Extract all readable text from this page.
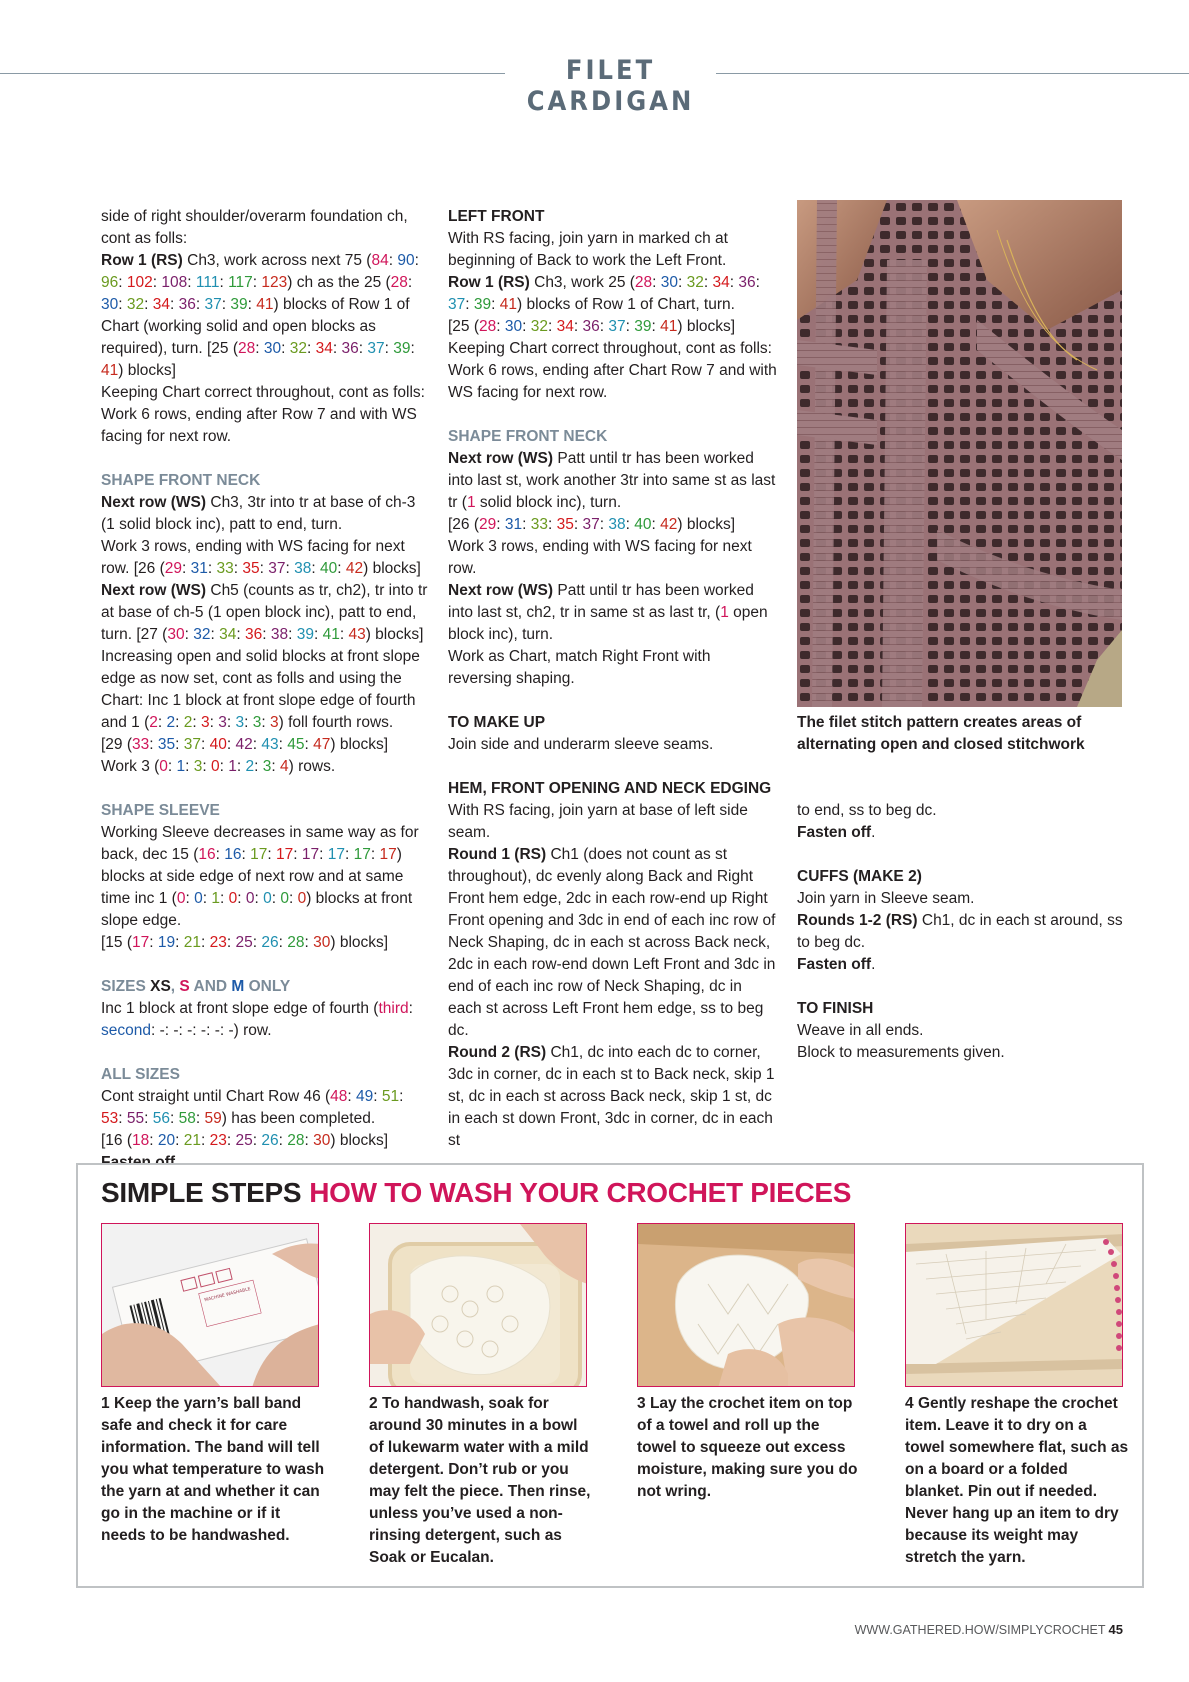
FILET CARDIGAN

side of right shoulder/overarm foundation ch, cont as folls:

Row 1 (RS) Ch3, work across next 75 (84: 90: 96: 102: 108: 111: 117: 123) ch as the 25 (28: 30: 32: 34: 36: 37: 39: 41) blocks of Row 1 of Chart (working solid and open blocks as required), turn. [25 (28: 30: 32: 34: 36: 37: 39: 41) blocks]

Keeping Chart correct throughout, cont as folls: Work 6 rows, ending after Row 7 and with WS facing for next row.

SHAPE FRONT NECK

Next row (WS) Ch3, 3tr into tr at base of ch-3 (1 solid block inc), patt to end, turn.

Work 3 rows, ending with WS facing for next row. [26 (29: 31: 33: 35: 37: 38: 40: 42) blocks]

Next row (WS) Ch5 (counts as tr, ch2), tr into tr at base of ch-5 (1 open block inc), patt to end, turn. [27 (30: 32: 34: 36: 38: 39: 41: 43) blocks]

Increasing open and solid blocks at front slope edge as now set, cont as folls and using the Chart: Inc 1 block at front slope edge of fourth and 1 (2: 2: 2: 3: 3: 3: 3: 3) foll fourth rows.

[29 (33: 35: 37: 40: 42: 43: 45: 47) blocks]

Work 3 (0: 1: 3: 0: 1: 2: 3: 4) rows.

SHAPE SLEEVE

Working Sleeve decreases in same way as for back, dec 15 (16: 16: 17: 17: 17: 17: 17: 17) blocks at side edge of next row and at same time inc 1 (0: 0: 1: 0: 0: 0: 0: 0) blocks at front slope edge.

[15 (17: 19: 21: 23: 25: 26: 28: 30) blocks]

SIZES XS, S AND M ONLY

Inc 1 block at front slope edge of fourth (third: second: -: -: -: -: -: -) row.

ALL SIZES

Cont straight until Chart Row 46 (48: 49: 51: 53: 55: 56: 58: 59) has been completed.

[16 (18: 20: 21: 23: 25: 26: 28: 30) blocks]

LEFT FRONT

With RS facing, join yarn in marked ch at beginning of Back to work the Left Front.

Row 1 (RS) Ch3, work 25 (28: 30: 32: 34: 36: 37: 39: 41) blocks of Row 1 of Chart, turn.

[25 (28: 30: 32: 34: 36: 37: 39: 41) blocks]

Keeping Chart correct throughout, cont as folls: Work 6 rows, ending after Chart Row 7 and with WS facing for next row.

SHAPE FRONT NECK

Next row (WS) Patt until tr has been worked into last st, work another 3tr into same st as last tr (1 solid block inc), turn.

[26 (29: 31: 33: 35: 37: 38: 40: 42) blocks]

Work 3 rows, ending with WS facing for next row.

Next row (WS) Patt until tr has been worked into last st, ch2, tr in same st as last tr, (1 open block inc), turn.

Work as Chart, match Right Front with reversing shaping.

TO MAKE UP

Join side and underarm sleeve seams.

HEM, FRONT OPENING AND NECK EDGING

With RS facing, join yarn at base of left side seam.

Round 1 (RS) Ch1 (does not count as st throughout), dc evenly along Back and Right Front hem edge, 2dc in each row-end up Right Front opening and 3dc in end of each inc row of Neck Shaping, dc in each st across Back neck, 2dc in each row-end down Left Front and 3dc in end of each inc row of Neck Shaping, dc in each st across Left Front hem edge, ss to beg dc.

Round 2 (RS) Ch1, dc into each dc to corner, 3dc in corner, dc in each st to Back neck, skip 1 st, dc in each st across Back neck, skip 1 st, dc in each st down Front, 3dc in corner, dc in each st

The filet stitch pattern creates areas of alternating open and closed stitchwork

to end, ss to beg dc.

Fasten off.

CUFFS (MAKE 2)

Join yarn in Sleeve seam.

Rounds 1-2 (RS) Ch1, dc in each st around, ss to beg dc.

Fasten off.

TO FINISH

Weave in all ends.

Block to measurements given.

SIMPLE STEPS HOW TO WASH YOUR CROCHET PIECES
MACHINE WASHABLE
1 Keep the yarn’s ball band safe and check it for care information. The band will tell you what temperature to wash the yarn at and whether it can go in the machine or if it needs to be handwashed.
2 To handwash, soak for around 30 minutes in a bowl of lukewarm water with a mild detergent. Don’t rub or you may felt the piece. Then rinse, unless you’ve used a non-rinsing detergent, such as Soak or Eucalan.
3 Lay the crochet item on top of a towel and roll up the towel to squeeze out excess moisture, making sure you do not wring.
4 Gently reshape the crochet item. Leave it to dry on a towel somewhere flat, such as on a board or a folded blanket. Pin out if needed. Never hang up an item to dry because its weight may stretch the yarn.
WWW.GATHERED.HOW/SIMPLYCROCHET 45
